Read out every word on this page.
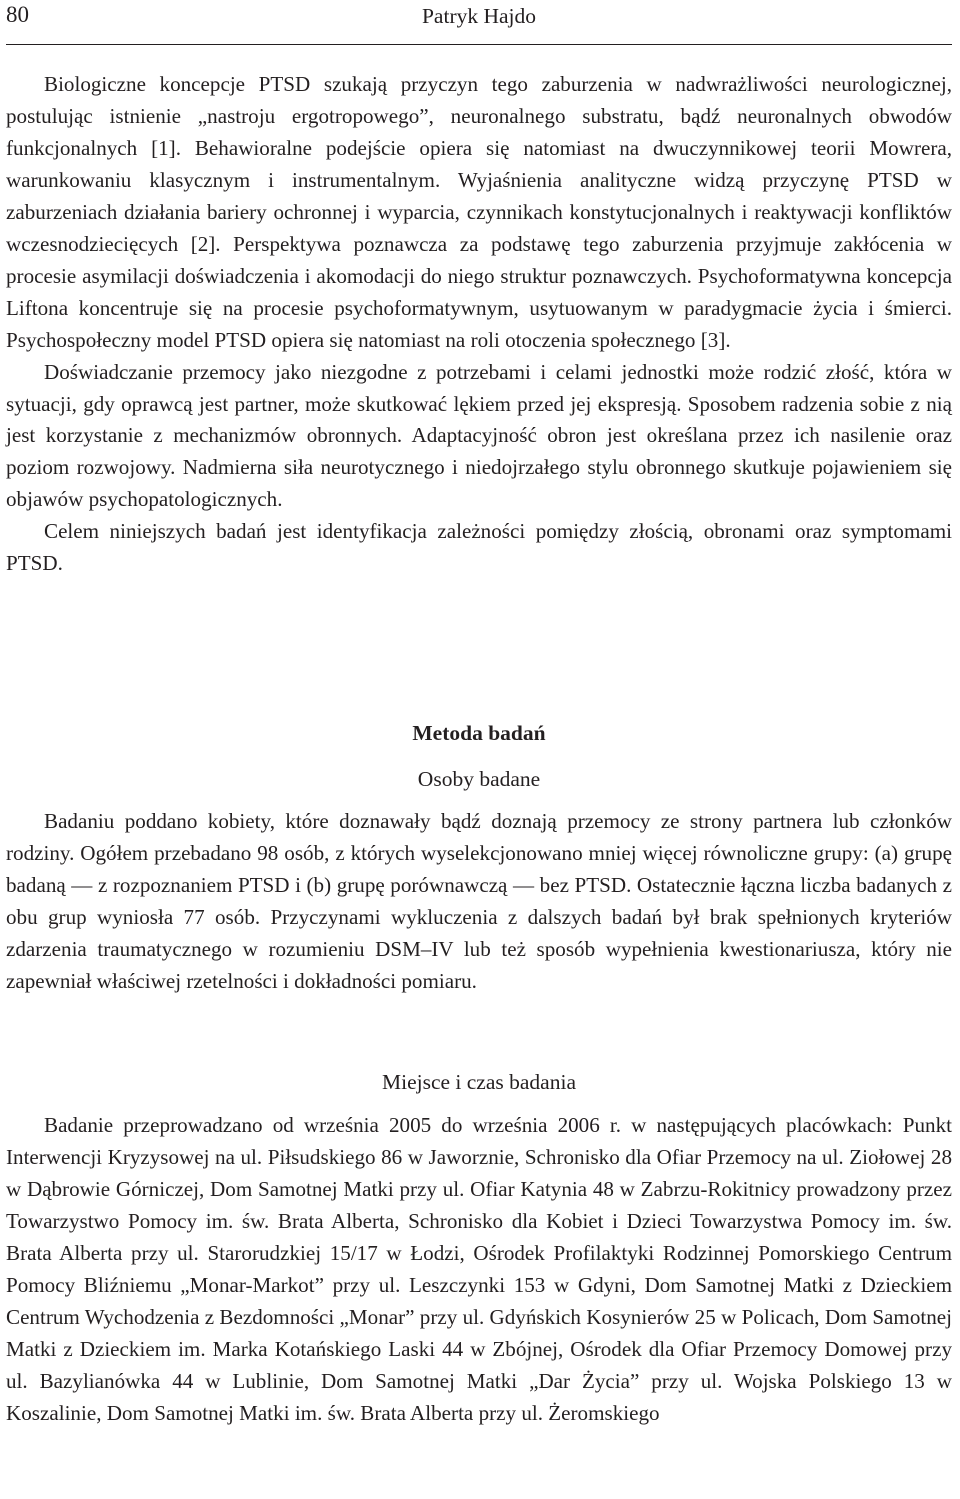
80	Patryk Hajdo

Biologiczne koncepcje PTSD szukają przyczyn tego zaburzenia w nadwrażliwości neurologicznej, postulując istnienie „nastroju ergotropowego”, neuronalnego substratu, bądź neuronalnych obwodów funkcjonalnych [1]. Behawioralne podejście opiera się natomiast na dwuczynnikowej teorii Mowrera, warunkowaniu klasycznym i instrumentalnym. Wyjaśnienia analityczne widzą przyczynę PTSD w zaburzeniach działania bariery ochronnej i wyparcia, czynnikach konstytucjonalnych i reaktywacji konfliktów wczesnodziecięcych [2]. Perspektywa poznawcza za podstawę tego zaburzenia przyjmuje zakłócenia w procesie asymilacji doświadczenia i akomodacji do niego struktur poznawczych. Psychoformatywna koncepcja Liftona koncentruje się na procesie psychoformatywnym, usytuowanym w paradygmacie życia i śmierci. Psychospołeczny model PTSD opiera się natomiast na roli otoczenia społecznego [3].

Doświadczanie przemocy jako niezgodne z potrzebami i celami jednostki może rodzić złość, która w sytuacji, gdy oprawcą jest partner, może skutkować lękiem przed jej ekspresją. Sposobem radzenia sobie z nią jest korzystanie z mechanizmów obronnych. Adaptacyjność obron jest określana przez ich nasilenie oraz poziom rozwojowy. Nadmierna siła neurotycznego i niedojrzałego stylu obronnego skutkuje pojawieniem się objawów psychopatologicznych.

Celem niniejszych badań jest identyfikacja zależności pomiędzy złością, obronami oraz symptomami PTSD.

Metoda badań
Osoby badane

Badaniu poddano kobiety, które doznawały bądź doznają przemocy ze strony partnera lub członków rodziny. Ogółem przebadano 98 osób, z których wyselekcjonowano mniej więcej równoliczne grupy: (a) grupę badaną — z rozpoznaniem PTSD i (b) grupę porównawczą — bez PTSD. Ostatecznie łączna liczba badanych z obu grup wyniosła 77 osób. Przyczynami wykluczenia z dalszych badań był brak spełnionych kryteriów zdarzenia traumatycznego w rozumieniu DSM–IV lub też sposób wypełnienia kwestionariusza, który nie zapewniał właściwej rzetelności i dokładności pomiaru.

Miejsce i czas badania

Badanie przeprowadzano od września 2005 do września 2006 r. w następujących placówkach: Punkt Interwencji Kryzysowej na ul. Piłsudskiego 86 w Jaworznie, Schronisko dla Ofiar Przemocy na ul. Ziołowej 28 w Dąbrowie Górniczej, Dom Samotnej Matki przy ul. Ofiar Katynia 48 w Zabrzu-Rokitnicy prowadzony przez Towarzystwo Pomocy im. św. Brata Alberta, Schronisko dla Kobiet i Dzieci Towarzystwa Pomocy im. św. Brata Alberta przy ul. Starorudzkiej 15/17 w Łodzi, Ośrodek Profilaktyki Rodzinnej Pomorskiego Centrum Pomocy Bliźniemu „Monar-Markot” przy ul. Leszczynki 153 w Gdyni, Dom Samotnej Matki z Dzieckiem Centrum Wychodzenia z Bezdomności „Monar” przy ul. Gdyńskich Kosynierów 25 w Policach, Dom Samotnej Matki z Dzieckiem im. Marka Kotańskiego Laski 44 w Zbójnej, Ośrodek dla Ofiar Przemocy Domowej przy ul. Bazylianówka 44 w Lublinie, Dom Samotnej Matki „Dar Życia” przy ul. Wojska Polskiego 13 w Koszalinie, Dom Samotnej Matki im. św. Brata Alberta przy ul. Żeromskiego
